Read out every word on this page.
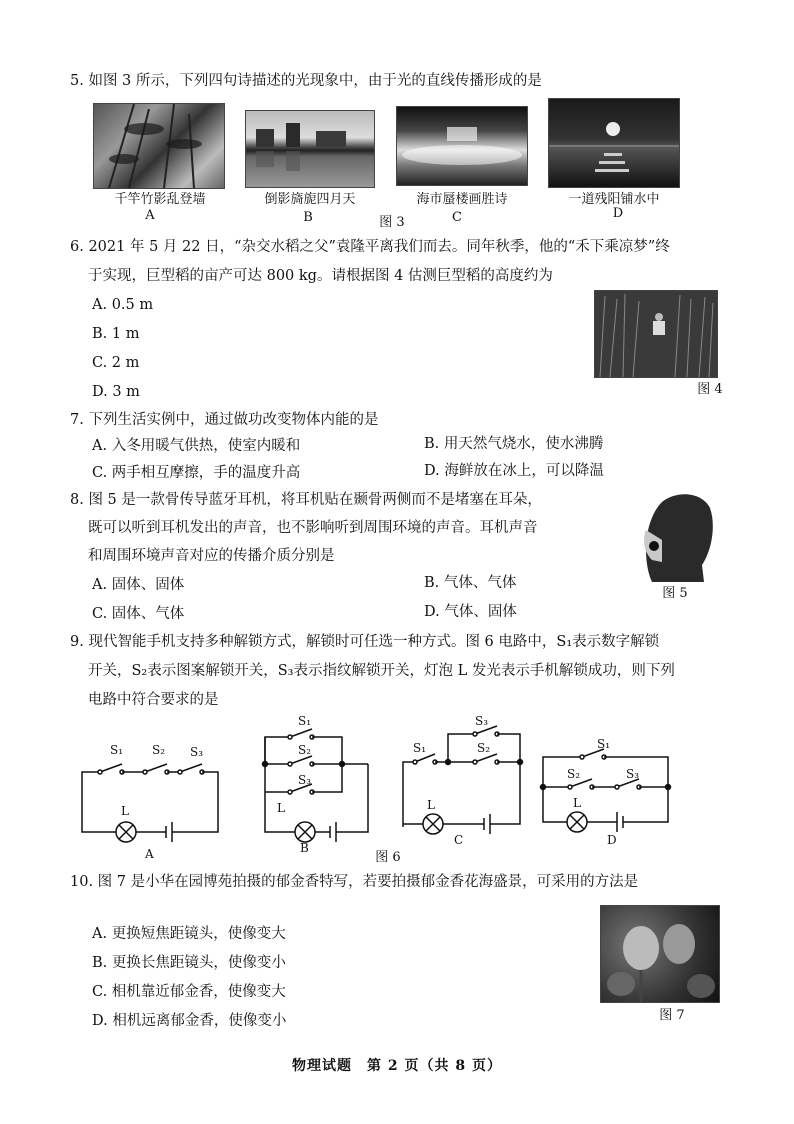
5. 如图 3 所示，下列四句诗描述的光现象中，由于光的直线传播形成的是
千竿竹影乱登墙	倒影旖旎四月天	海市蜃楼画胜诗	一道残阳铺水中
A	B	图 3	C	D
6. 2021 年 5 月 22 日，“杂交水稻之父”袁隆平离我们而去。同年秋季，他的“禾下乘凉梦”终
于实现，巨型稻的亩产可达 800 kg。请根据图 4 估测巨型稻的高度约为
A. 0.5 m
B. 1 m
C. 2 m
D. 3 m	图 4
7. 下列生活实例中，通过做功改变物体内能的是
A. 入冬用暖气供热，使室内暖和	B. 用天然气烧水，使水沸腾
C. 两手相互摩擦，手的温度升高	D. 海鲜放在冰上，可以降温
8. 图 5 是一款骨传导蓝牙耳机，将耳机贴在颞骨两侧而不是堵塞在耳朵，
既可以听到耳机发出的声音，也不影响听到周围环境的声音。耳机声音
和周围环境声音对应的传播介质分别是
A. 固体、固体	B. 气体、气体
C. 固体、气体	D. 气体、固体
图 5
9. 现代智能手机支持多种解锁方式，解锁时可任选一种方式。图 6 电路中，S₁表示数字解锁
开关，S₂表示图案解锁开关，S₃表示指纹解锁开关，灯泡 L 发光表示手机解锁成功，则下列
电路中符合要求的是
S₁ S₂ S₃
L
A
S₁
S₂
S₃
L
B
S₁
S₃
S₂
L
C
S₁
S₂	S₃
L
D
图 6
10. 图 7 是小华在园博苑拍摄的郁金香特写，若要拍摄郁金香花海盛景，可采用的方法是
A. 更换短焦距镜头，使像变大
B. 更换长焦距镜头，使像变小
C. 相机靠近郁金香，使像变大
D. 相机远离郁金香，使像变小	图 7
物理试题　第 2 页（共 8 页）
